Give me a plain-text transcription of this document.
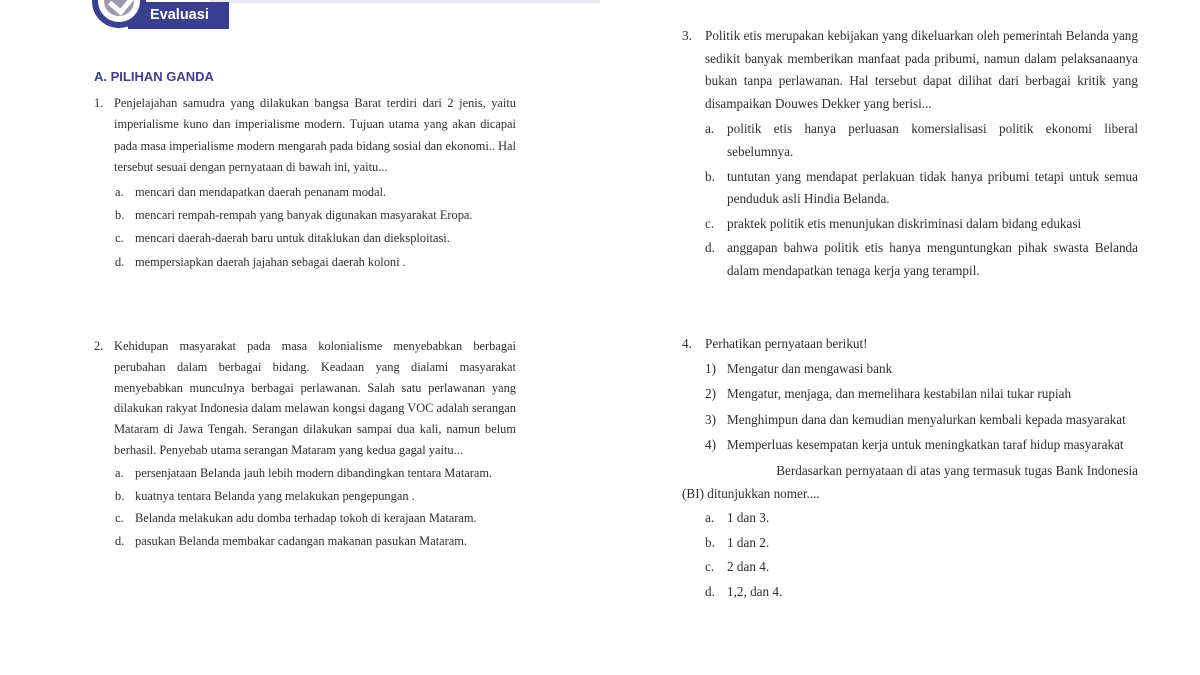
Evaluasi
A. PILIHAN GANDA
1. Penjelajahan samudra yang dilakukan bangsa Barat terdiri dari 2 jenis, yaitu imperialisme kuno dan imperialisme modern. Tujuan utama yang akan dicapai pada masa imperialisme modern mengarah pada bidang sosial dan ekonomi.. Hal tersebut sesuai dengan pernyataan di bawah ini, yaitu...
a. mencari dan mendapatkan daerah penanam modal.
b. mencari rempah-rempah yang banyak digunakan masyarakat Eropa.
c. mencari daerah-daerah baru untuk ditaklukan dan dieksploitasi.
d. mempersiapkan daerah jajahan sebagai daerah koloni .
2. Kehidupan masyarakat pada masa kolonialisme menyebabkan berbagai perubahan dalam berbagai bidang. Keadaan yang dialami masyarakat menyebabkan munculnya berbagai perlawanan. Salah satu perlawanan yang dilakukan rakyat Indonesia dalam melawan kongsi dagang VOC adalah serangan Mataram di Jawa Tengah. Serangan dilakukan sampai dua kali, namun belum berhasil. Penyebab utama serangan Mataram yang kedua gagal yaitu...
a. persenjataan Belanda jauh lebih modern dibandingkan tentara Mataram.
b. kuatnya tentara Belanda yang melakukan pengepungan .
c. Belanda melakukan adu domba terhadap tokoh di kerajaan Mataram.
d. pasukan Belanda membakar cadangan makanan pasukan Mataram.
3. Politik etis merupakan kebijakan yang dikeluarkan oleh pemerintah Belanda yang sedikit banyak memberikan manfaat pada pribumi, namun dalam pelaksanaanya bukan tanpa perlawanan. Hal tersebut dapat dilihat dari berbagai kritik yang disampaikan Douwes Dekker yang berisi...
a. politik etis hanya perluasan komersialisasi politik ekonomi liberal sebelumnya.
b. tuntutan yang mendapat perlakuan tidak hanya pribumi tetapi untuk semua penduduk asli Hindia Belanda.
c. praktek politik etis menunjukan diskriminasi dalam bidang edukasi
d. anggapan bahwa politik etis hanya menguntungkan pihak swasta Belanda dalam mendapatkan tenaga kerja yang terampil.
4. Perhatikan pernyataan berikut!
1) Mengatur dan mengawasi bank
2) Mengatur, menjaga, dan memelihara kestabilan nilai tukar rupiah
3) Menghimpun dana dan kemudian menyalurkan kembali kepada masyarakat
4) Memperluas kesempatan kerja untuk meningkatkan taraf hidup masyarakat
Berdasarkan pernyataan di atas yang termasuk tugas Bank Indonesia
(BI) ditunjukkan nomer....
a. 1 dan 3.
b. 1 dan 2.
c. 2 dan 4.
d. 1,2, dan 4.
